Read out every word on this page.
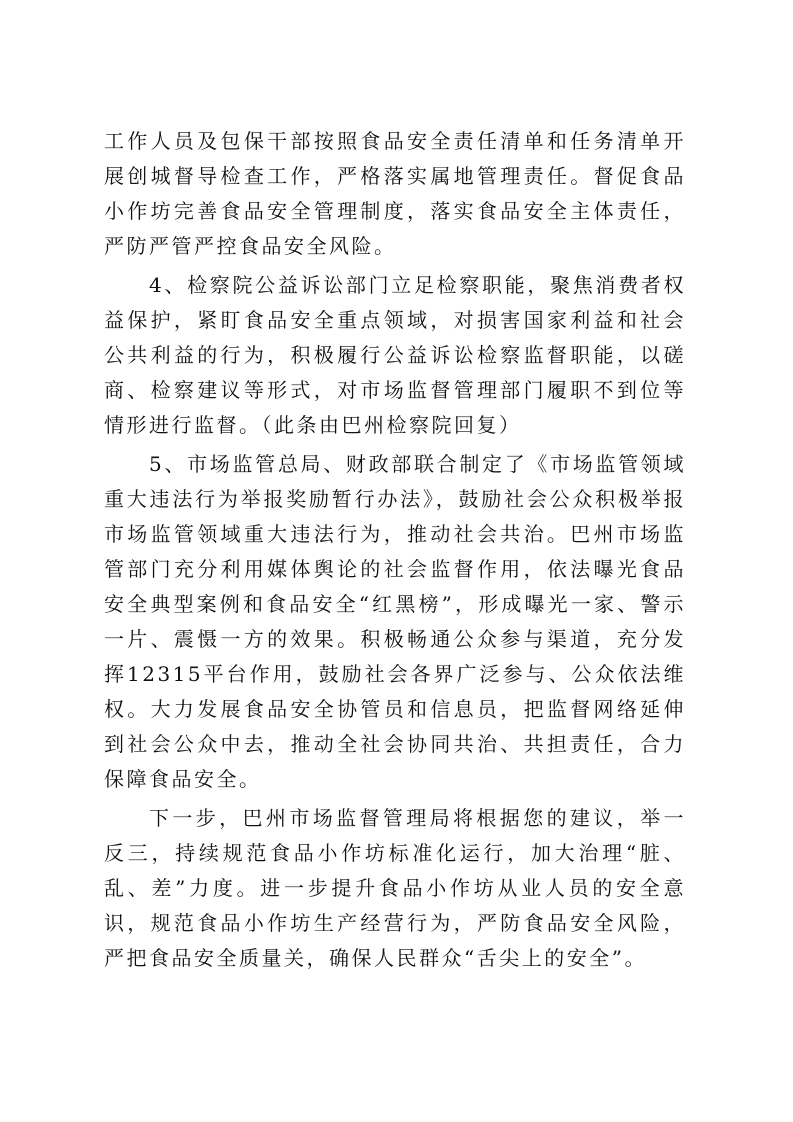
工作人员及包保干部按照食品安全责任清单和任务清单开展创城督导检查工作，严格落实属地管理责任。督促食品小作坊完善食品安全管理制度，落实食品安全主体责任，严防严管严控食品安全风险。

4、检察院公益诉讼部门立足检察职能，聚焦消费者权益保护，紧盯食品安全重点领域，对损害国家利益和社会公共利益的行为，积极履行公益诉讼检察监督职能，以磋商、检察建议等形式，对市场监督管理部门履职不到位等情形进行监督。（此条由巴州检察院回复）

5、市场监管总局、财政部联合制定了《市场监管领域重大违法行为举报奖励暂行办法》，鼓励社会公众积极举报市场监管领域重大违法行为，推动社会共治。巴州市场监管部门充分利用媒体舆论的社会监督作用，依法曝光食品安全典型案例和食品安全“红黑榜”，形成曝光一家、警示一片、震慑一方的效果。积极畅通公众参与渠道，充分发挥12315平台作用，鼓励社会各界广泛参与、公众依法维权。大力发展食品安全协管员和信息员，把监督网络延伸到社会公众中去，推动全社会协同共治、共担责任，合力保障食品安全。

下一步，巴州市场监督管理局将根据您的建议，举一反三，持续规范食品小作坊标准化运行，加大治理“脏、乱、差”力度。进一步提升食品小作坊从业人员的安全意识，规范食品小作坊生产经营行为，严防食品安全风险，严把食品安全质量关，确保人民群众“舌尖上的安全”。
